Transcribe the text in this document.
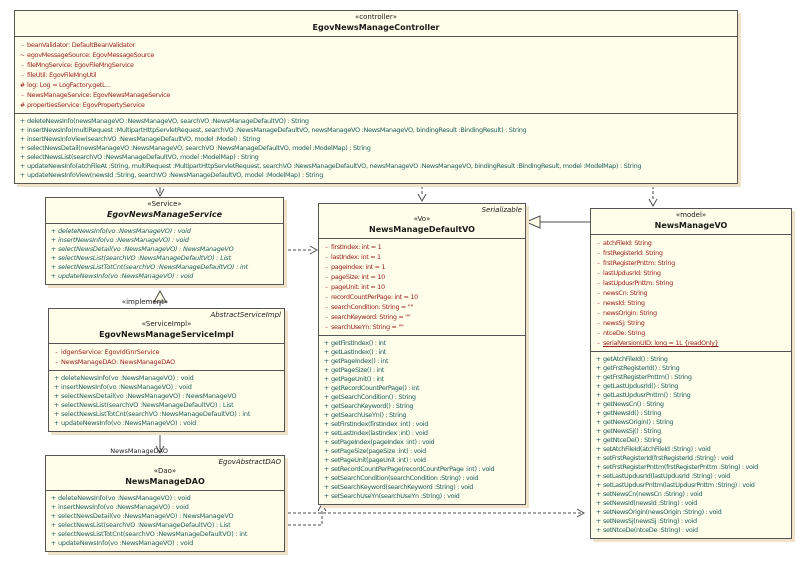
«implement»
NewsManageDAO
«controller»
EgovNewsManageController
- beanValidator: DefaultBeanValidator
~ egovMessageSource: EgovMessageSource
- fileMngService: EgovFileMngService
- fileUtil: EgovFileMngUtil
# log: Log = LogFactory.getL...
- NewsManageService: EgovNewsManageService
# propertiesService: EgovPropertyService
+ deleteNewsInfo(newsManageVO :NewsManageVO, searchVO :NewsManageDefaultVO) : String
+ insertNewsInfo(multiRequest :MultipartHttpServletRequest, searchVO :NewsManageDefaultVO, newsManageVO :NewsManageVO, bindingResult :BindingResult) : String
+ insertNewsInfoView(searchVO :NewsManageDefaultVO, model :Model) : String
+ selectNewsDetail(newsManageVO :NewsManageVO, searchVO :NewsManageDefaultVO, model :ModelMap) : String
+ selectNewsList(searchVO :NewsManageDefaultVO, model :ModelMap) : String
+ updateNewsInfo(atchFileAt :String, multiRequest :MultipartHttpServletRequest, searchVO :NewsManageDefaultVO, newsManageVO :NewsManageVO, bindingResult :BindingResult, model :ModelMap) : String
+ updateNewsInfoView(newsId :String, searchVO :NewsManageDefaultVO, model :ModelMap) : String
«Service»
EgovNewsManageService
+ deleteNewsInfo(vo :NewsManageVO) : void
+ insertNewsInfo(vo :NewsManageVO) : void
+ selectNewsDetail(vo :NewsManageVO) : NewsManageVO
+ selectNewsList(searchVO :NewsManageDefaultVO) : List
+ selectNewsListTotCnt(searchVO :NewsManageDefaultVO) : int
+ updateNewsInfo(vo :NewsManageVO) : void
Serializable
«Vo»
NewsManageDefaultVO
- firstIndex: int = 1
- lastIndex: int = 1
- pageIndex: int = 1
- pageSize: int = 10
- pageUnit: int = 10
- recordCountPerPage: int = 10
- searchCondition: String = ""
- searchKeyword: String = ""
- searchUseYn: String = ""
+ getFirstIndex() : int
+ getLastIndex() : int
+ getPageIndex() : int
+ getPageSize() : int
+ getPageUnit() : int
+ getRecordCountPerPage() : int
+ getSearchCondition() : String
+ getSearchKeyword() : String
+ getSearchUseYn() : String
+ setFirstIndex(firstIndex :int) : void
+ setLastIndex(lastIndex :int) : void
+ setPageIndex(pageIndex :int) : void
+ setPageSize(pageSize :int) : void
+ setPageUnit(pageUnit :int) : void
+ setRecordCountPerPage(recordCountPerPage :int) : void
+ setSearchCondition(searchCondition :String) : void
+ setSearchKeyword(searchKeyword :String) : void
+ setSearchUseYn(searchUseYn :String) : void
«model»
NewsManageVO
- atchFileId: String
- frstRegisterId: String
- frstRegisterPnttm: String
- lastUpdusrId: String
- lastUpdusrPnttm: String
- newsCn: String
- newsId: String
- newsOrigin: String
- newsSj: String
- ntceDe: String
- serialVersionUID: long = 1L {readOnly}
+ getAtchFileId() : String
+ getFrstRegisterId() : String
+ getFrstRegisterPnttm() : String
+ getLastUpdusrId() : String
+ getLastUpdusrPnttm() : String
+ getNewsCn() : String
+ getNewsId() : String
+ getNewsOrigin() : String
+ getNewsSj() : String
+ getNtceDe() : String
+ setAtchFileId(atchFileId :String) : void
+ setFrstRegisterId(frstRegisterId :String) : void
+ setFrstRegisterPnttm(frstRegisterPnttm :String) : void
+ setLastUpdusrId(lastUpdusrId :String) : void
+ setLastUpdusrPnttm(lastUpdusrPnttm :String) : void
+ setNewsCn(newsCn :String) : void
+ setNewsId(newsId :String) : void
+ setNewsOrigin(newsOrigin :String) : void
+ setNewsSj(newsSj :String) : void
+ setNtceDe(ntceDe :String) : void
AbstractServiceImpl
«ServiceImpl»
EgovNewsManageServiceImpl
- idgenService: EgovIdGnrService
- NewsManageDAO: NewsManageDAO
+ deleteNewsInfo(vo :NewsManageVO) : void
+ insertNewsInfo(vo :NewsManageVO) : void
+ selectNewsDetail(vo :NewsManageVO) : NewsManageVO
+ selectNewsList(searchVO :NewsManageDefaultVO) : List
+ selectNewsListTotCnt(searchVO :NewsManageDefaultVO) : int
+ updateNewsInfo(vo :NewsManageVO) : void
EgovAbstractDAO
«Dao»
NewsManageDAO
+ deleteNewsInfo(vo :NewsManageVO) : void
+ insertNewsInfo(vo :NewsManageVO) : void
+ selectNewsDetail(vo :NewsManageVO) : NewsManageVO
+ selectNewsList(searchVO :NewsManageDefaultVO) : List
+ selectNewsListTotCnt(searchVO :NewsManageDefaultVO) : int
+ updateNewsInfo(vo :NewsManageVO) : void
